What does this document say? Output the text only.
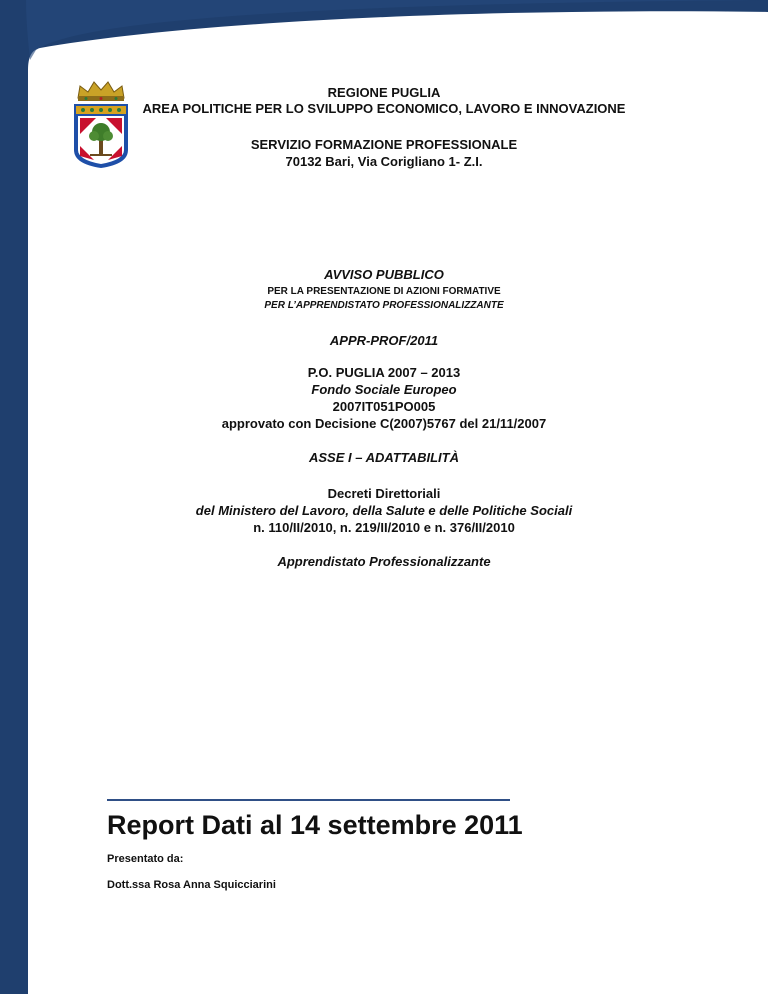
REGIONE PUGLIA
AREA POLITICHE PER LO SVILUPPO ECONOMICO, LAVORO E INNOVAZIONE
SERVIZIO FORMAZIONE PROFESSIONALE
70132 Bari, Via Corigliano 1- Z.I.
AVVISO PUBBLICO
PER LA PRESENTAZIONE DI AZIONI FORMATIVE
PER L’APPRENDISTATO PROFESSIONALIZZANTE
APPR-PROF/2011
P.O. PUGLIA 2007 – 2013
Fondo Sociale Europeo
2007IT051PO005
approvato con Decisione C(2007)5767 del 21/11/2007
ASSE I – ADATTABILITÀ
Decreti Direttoriali
del Ministero del Lavoro, della Salute e delle Politiche Sociali
n. 110/II/2010, n. 219/II/2010 e n. 376/II/2010
Apprendistato Professionalizzante
Report Dati al 14 settembre 2011
Presentato da:
Dott.ssa Rosa Anna Squicciarini
